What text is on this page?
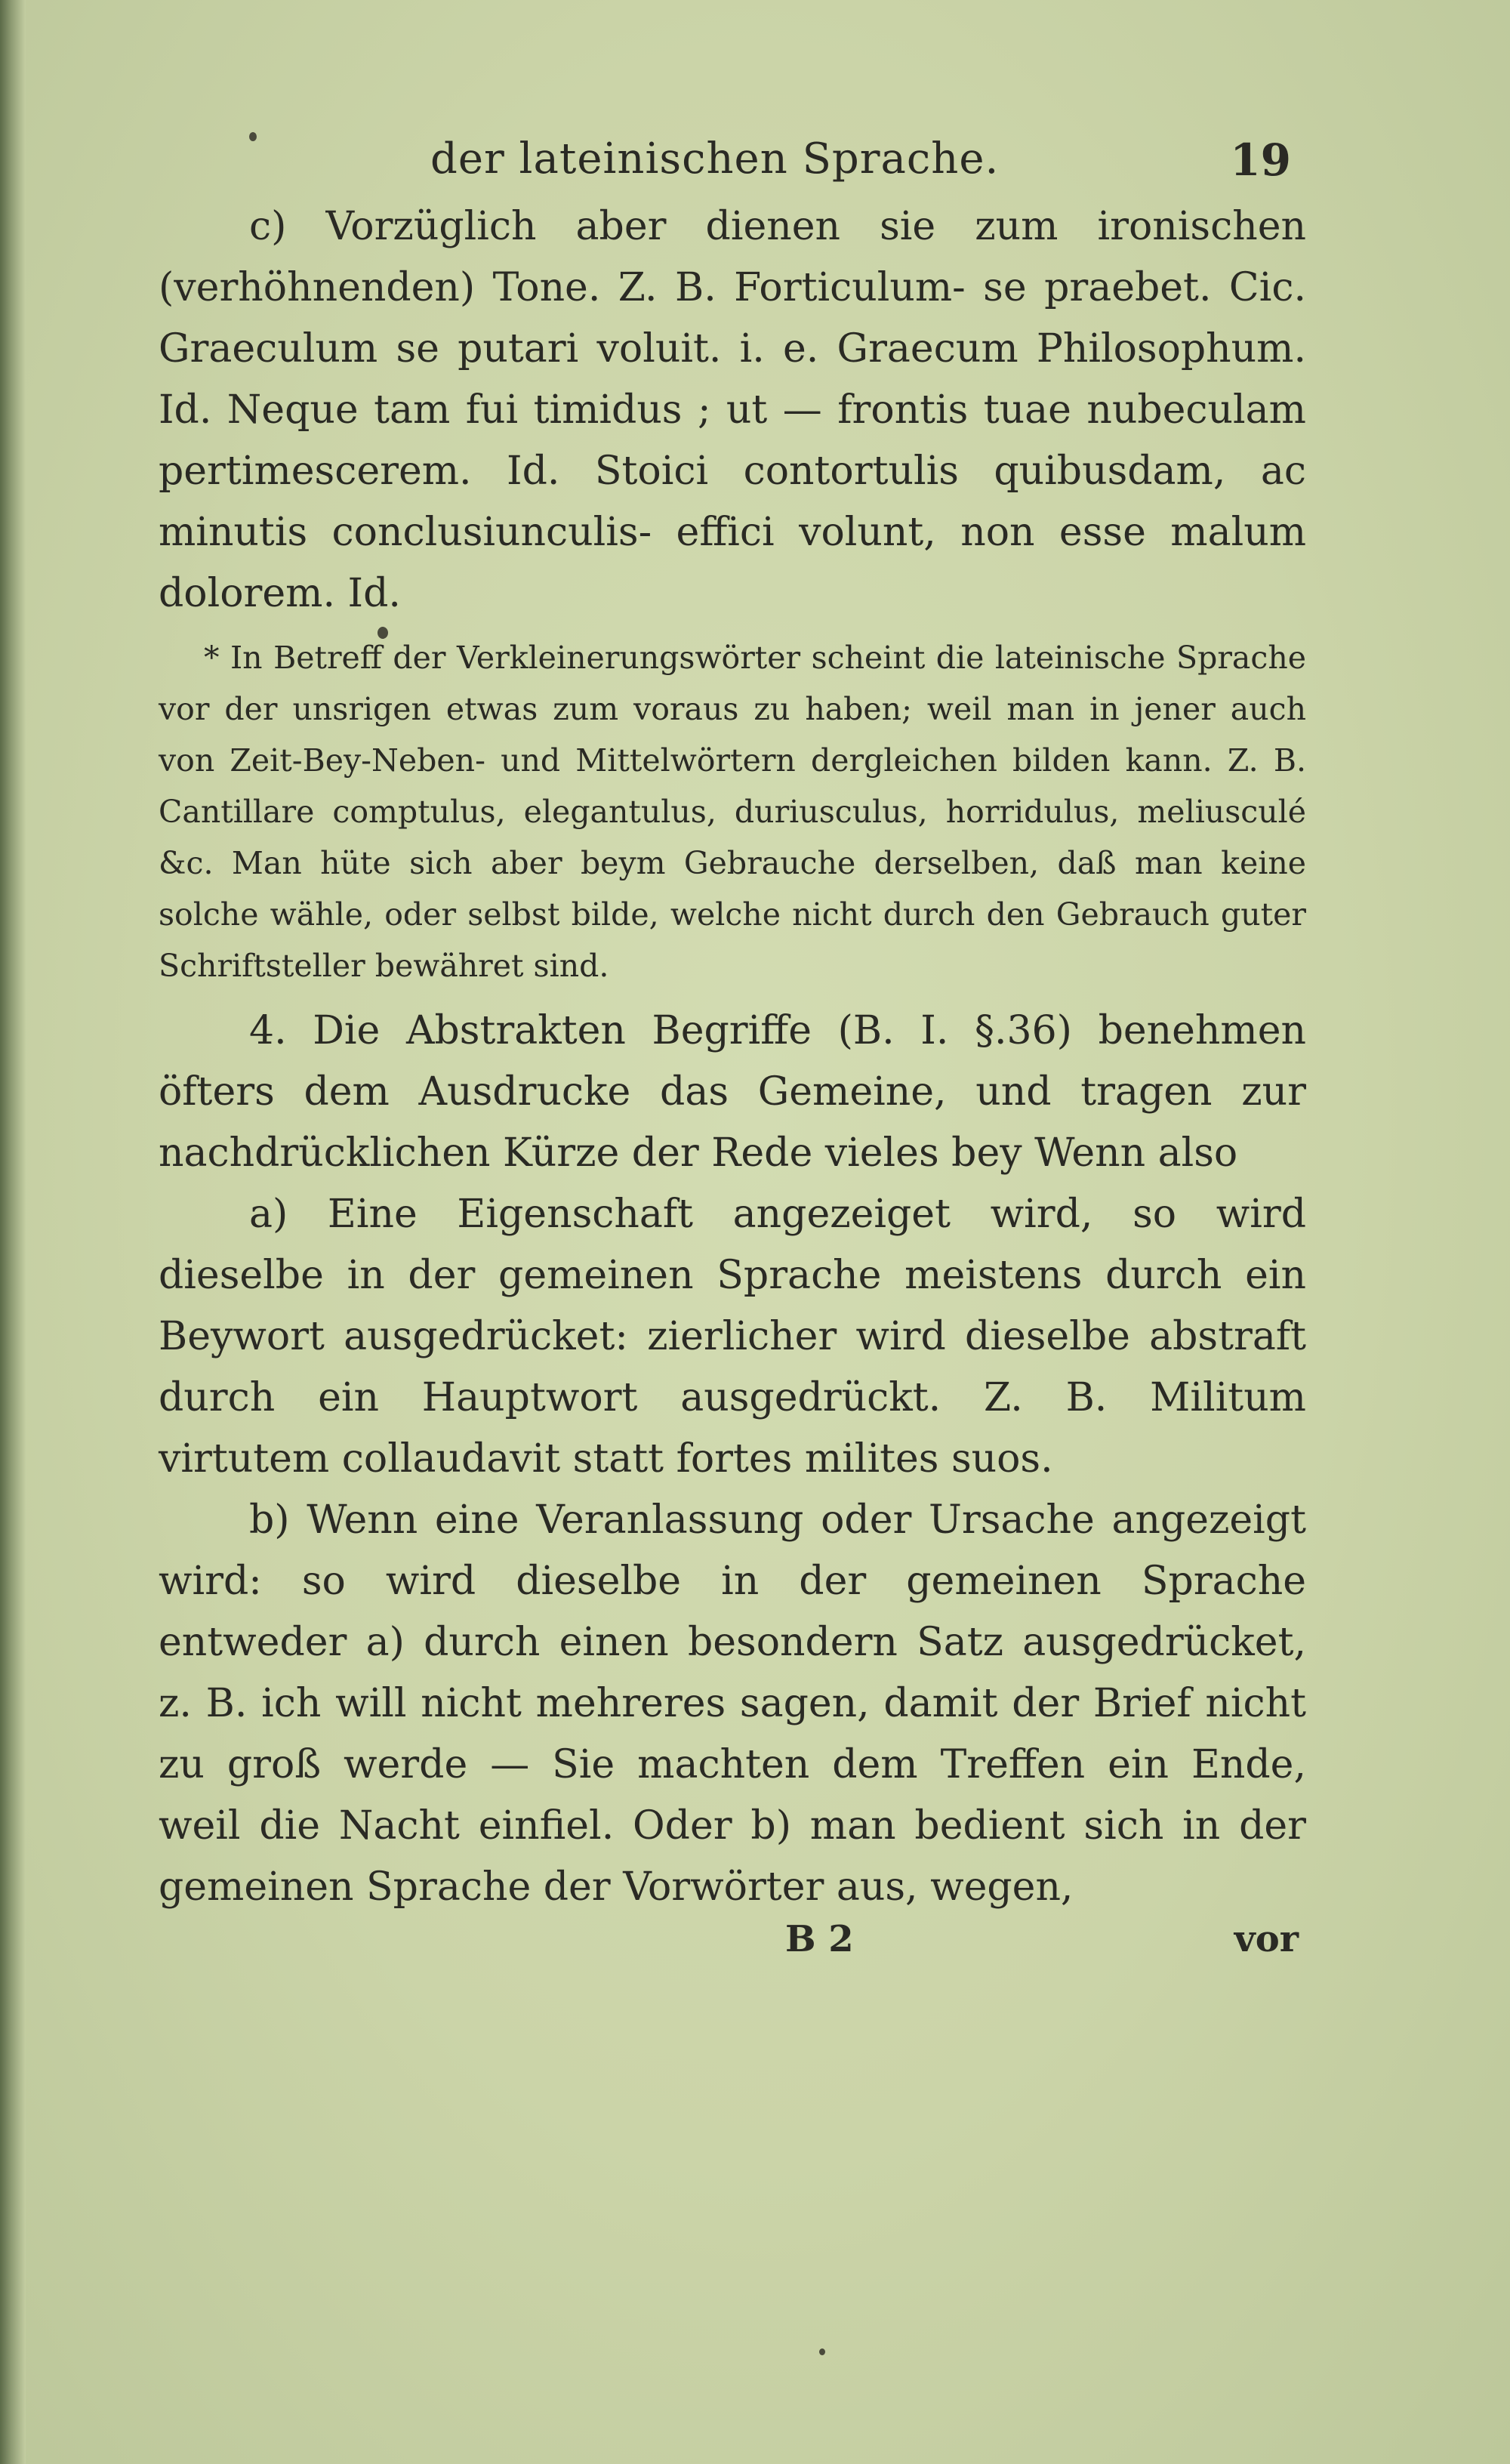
der lateinischen Sprache.	19

c) Vorzüglich aber dienen sie zum ironischen (verhöhnenden) Tone. Z. B. Forticulum- se praebet. Cic. Graeculum se putari voluit. i. e. Graecum Philosophum. Id. Neque tam fui timidus ; ut — frontis tuae nubeculam pertimescerem. Id. Stoici contortulis quibusdam, ac minutis conclusiunculis- effici volunt, non esse malum dolorem. Id.

* In Betreff der Verkleinerungswörter scheint die lateinische Sprache vor der unsrigen etwas zum voraus zu haben; weil man in jener auch von Zeit-Bey-Neben- und Mittelwörtern dergleichen bilden kann. Z. B. Cantillare comptulus, elegantulus, duriusculus, horridulus, meliusculé &c. Man hüte sich aber beym Gebrauche derselben, daß man keine solche wähle, oder selbst bilde, welche nicht durch den Gebrauch guter Schriftsteller bewähret sind.

4. Die Abstrakten Begriffe (B. I. §.36) benehmen öfters dem Ausdrucke das Gemeine, und tragen zur nachdrücklichen Kürze der Rede vieles bey Wenn also

a) Eine Eigenschaft angezeiget wird, so wird dieselbe in der gemeinen Sprache meistens durch ein Beywort ausgedrücket: zierlicher wird dieselbe abstraft durch ein Hauptwort ausgedrückt. Z. B. Militum virtutem collaudavit statt fortes milites suos.

b) Wenn eine Veranlassung oder Ursache angezeigt wird: so wird dieselbe in der gemeinen Sprache entweder a) durch einen besondern Satz ausgedrücket, z. B. ich will nicht mehreres sagen, damit der Brief nicht zu groß werde — Sie machten dem Treffen ein Ende, weil die Nacht einfiel. Oder b) man bedient sich in der gemeinen Sprache der Vorwörter aus, wegen,

B 2	vor
